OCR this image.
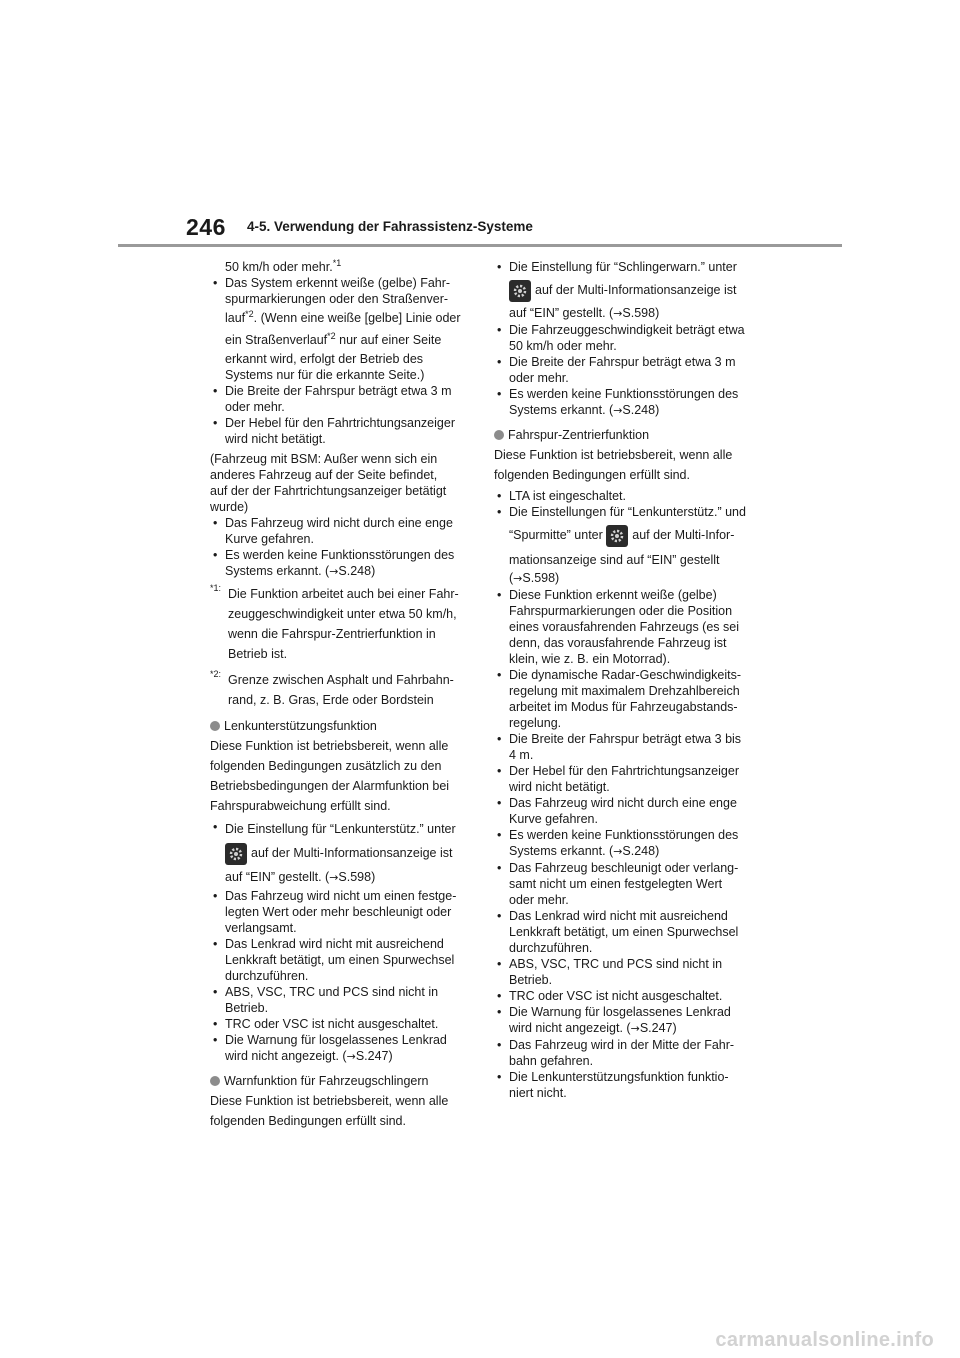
246 4-5. Verwendung der Fahrassistenz-Systeme
50 km/h oder mehr.$^{*1}$
• Das System erkennt weiße (gelbe) Fahr-
spurmarkierungen oder den Straßenver-
lauf$^{*2}$. (Wenn eine weiße [gelbe] Linie oder
ein Straßenverlauf$^{*2}$ nur auf einer Seite
erkannt wird, erfolgt der Betrieb des
Systems nur für die erkannte Seite.)
• Die Breite der Fahrspur beträgt etwa 3 m
oder mehr.
• Der Hebel für den Fahrtrichtungsanzeiger
wird nicht betätigt.
(Fahrzeug mit BSM: Außer wenn sich ein
anderes Fahrzeug auf der Seite befindet,
auf der der Fahrtrichtungsanzeiger betätigt
wurde)
• Das Fahrzeug wird nicht durch eine enge
Kurve gefahren.
• Es werden keine Funktionsstörungen des
Systems erkannt. (→S.248)
*1: Die Funktion arbeitet auch bei einer Fahr-
zeuggeschwindigkeit unter etwa 50 km/h,
wenn die Fahrspur-Zentrierfunktion in
Betrieb ist.
*2: Grenze zwischen Asphalt und Fahrbahn-
rand, z. B. Gras, Erde oder Bordstein
Lenkunterstützungsfunktion
Diese Funktion ist betriebsbereit, wenn alle
folgenden Bedingungen zusätzlich zu den
Betriebsbedingungen der Alarmfunktion bei
Fahrspurabweichung erfüllt sind.
• Die Einstellung für “Lenkunterstütz.” unter
auf der Multi-Informationsanzeige ist
auf “EIN” gestellt. (→S.598)
• Das Fahrzeug wird nicht um einen festge-
legten Wert oder mehr beschleunigt oder
verlangsamt.
• Das Lenkrad wird nicht mit ausreichend
Lenkkraft betätigt, um einen Spurwechsel
durchzuführen.
• ABS, VSC, TRC und PCS sind nicht in
Betrieb.
• TRC oder VSC ist nicht ausgeschaltet.
• Die Warnung für losgelassenes Lenkrad
wird nicht angezeigt. (→S.247)
Warnfunktion für Fahrzeugschlingern
Diese Funktion ist betriebsbereit, wenn alle
folgenden Bedingungen erfüllt sind.
• Die Einstellung für “Schlingerwarn.” unter
auf der Multi-Informationsanzeige ist
auf “EIN” gestellt. (→S.598)
• Die Fahrzeuggeschwindigkeit beträgt etwa
50 km/h oder mehr.
• Die Breite der Fahrspur beträgt etwa 3 m
oder mehr.
• Es werden keine Funktionsstörungen des
Systems erkannt. (→S.248)
Fahrspur-Zentrierfunktion
Diese Funktion ist betriebsbereit, wenn alle
folgenden Bedingungen erfüllt sind.
• LTA ist eingeschaltet.
• Die Einstellungen für “Lenkunterstütz.” und
“Spurmitte” unter auf der Multi-Infor-
mationsanzeige sind auf “EIN” gestellt
(→S.598)
• Diese Funktion erkennt weiße (gelbe)
Fahrspurmarkierungen oder die Position
eines vorausfahrenden Fahrzeugs (es sei
denn, das vorausfahrende Fahrzeug ist
klein, wie z. B. ein Motorrad).
• Die dynamische Radar-Geschwindigkeits-
regelung mit maximalem Drehzahlbereich
arbeitet im Modus für Fahrzeugabstands-
regelung.
• Die Breite der Fahrspur beträgt etwa 3 bis
4 m.
• Der Hebel für den Fahrtrichtungsanzeiger
wird nicht betätigt.
• Das Fahrzeug wird nicht durch eine enge
Kurve gefahren.
• Es werden keine Funktionsstörungen des
Systems erkannt. (→S.248)
• Das Fahrzeug beschleunigt oder verlang-
samt nicht um einen festgelegten Wert
oder mehr.
• Das Lenkrad wird nicht mit ausreichend
Lenkkraft betätigt, um einen Spurwechsel
durchzuführen.
• ABS, VSC, TRC und PCS sind nicht in
Betrieb.
• TRC oder VSC ist nicht ausgeschaltet.
• Die Warnung für losgelassenes Lenkrad
wird nicht angezeigt. (→S.247)
• Das Fahrzeug wird in der Mitte der Fahr-
bahn gefahren.
• Die Lenkunterstützungsfunktion funktio-
niert nicht.
carmanualsonline.info
